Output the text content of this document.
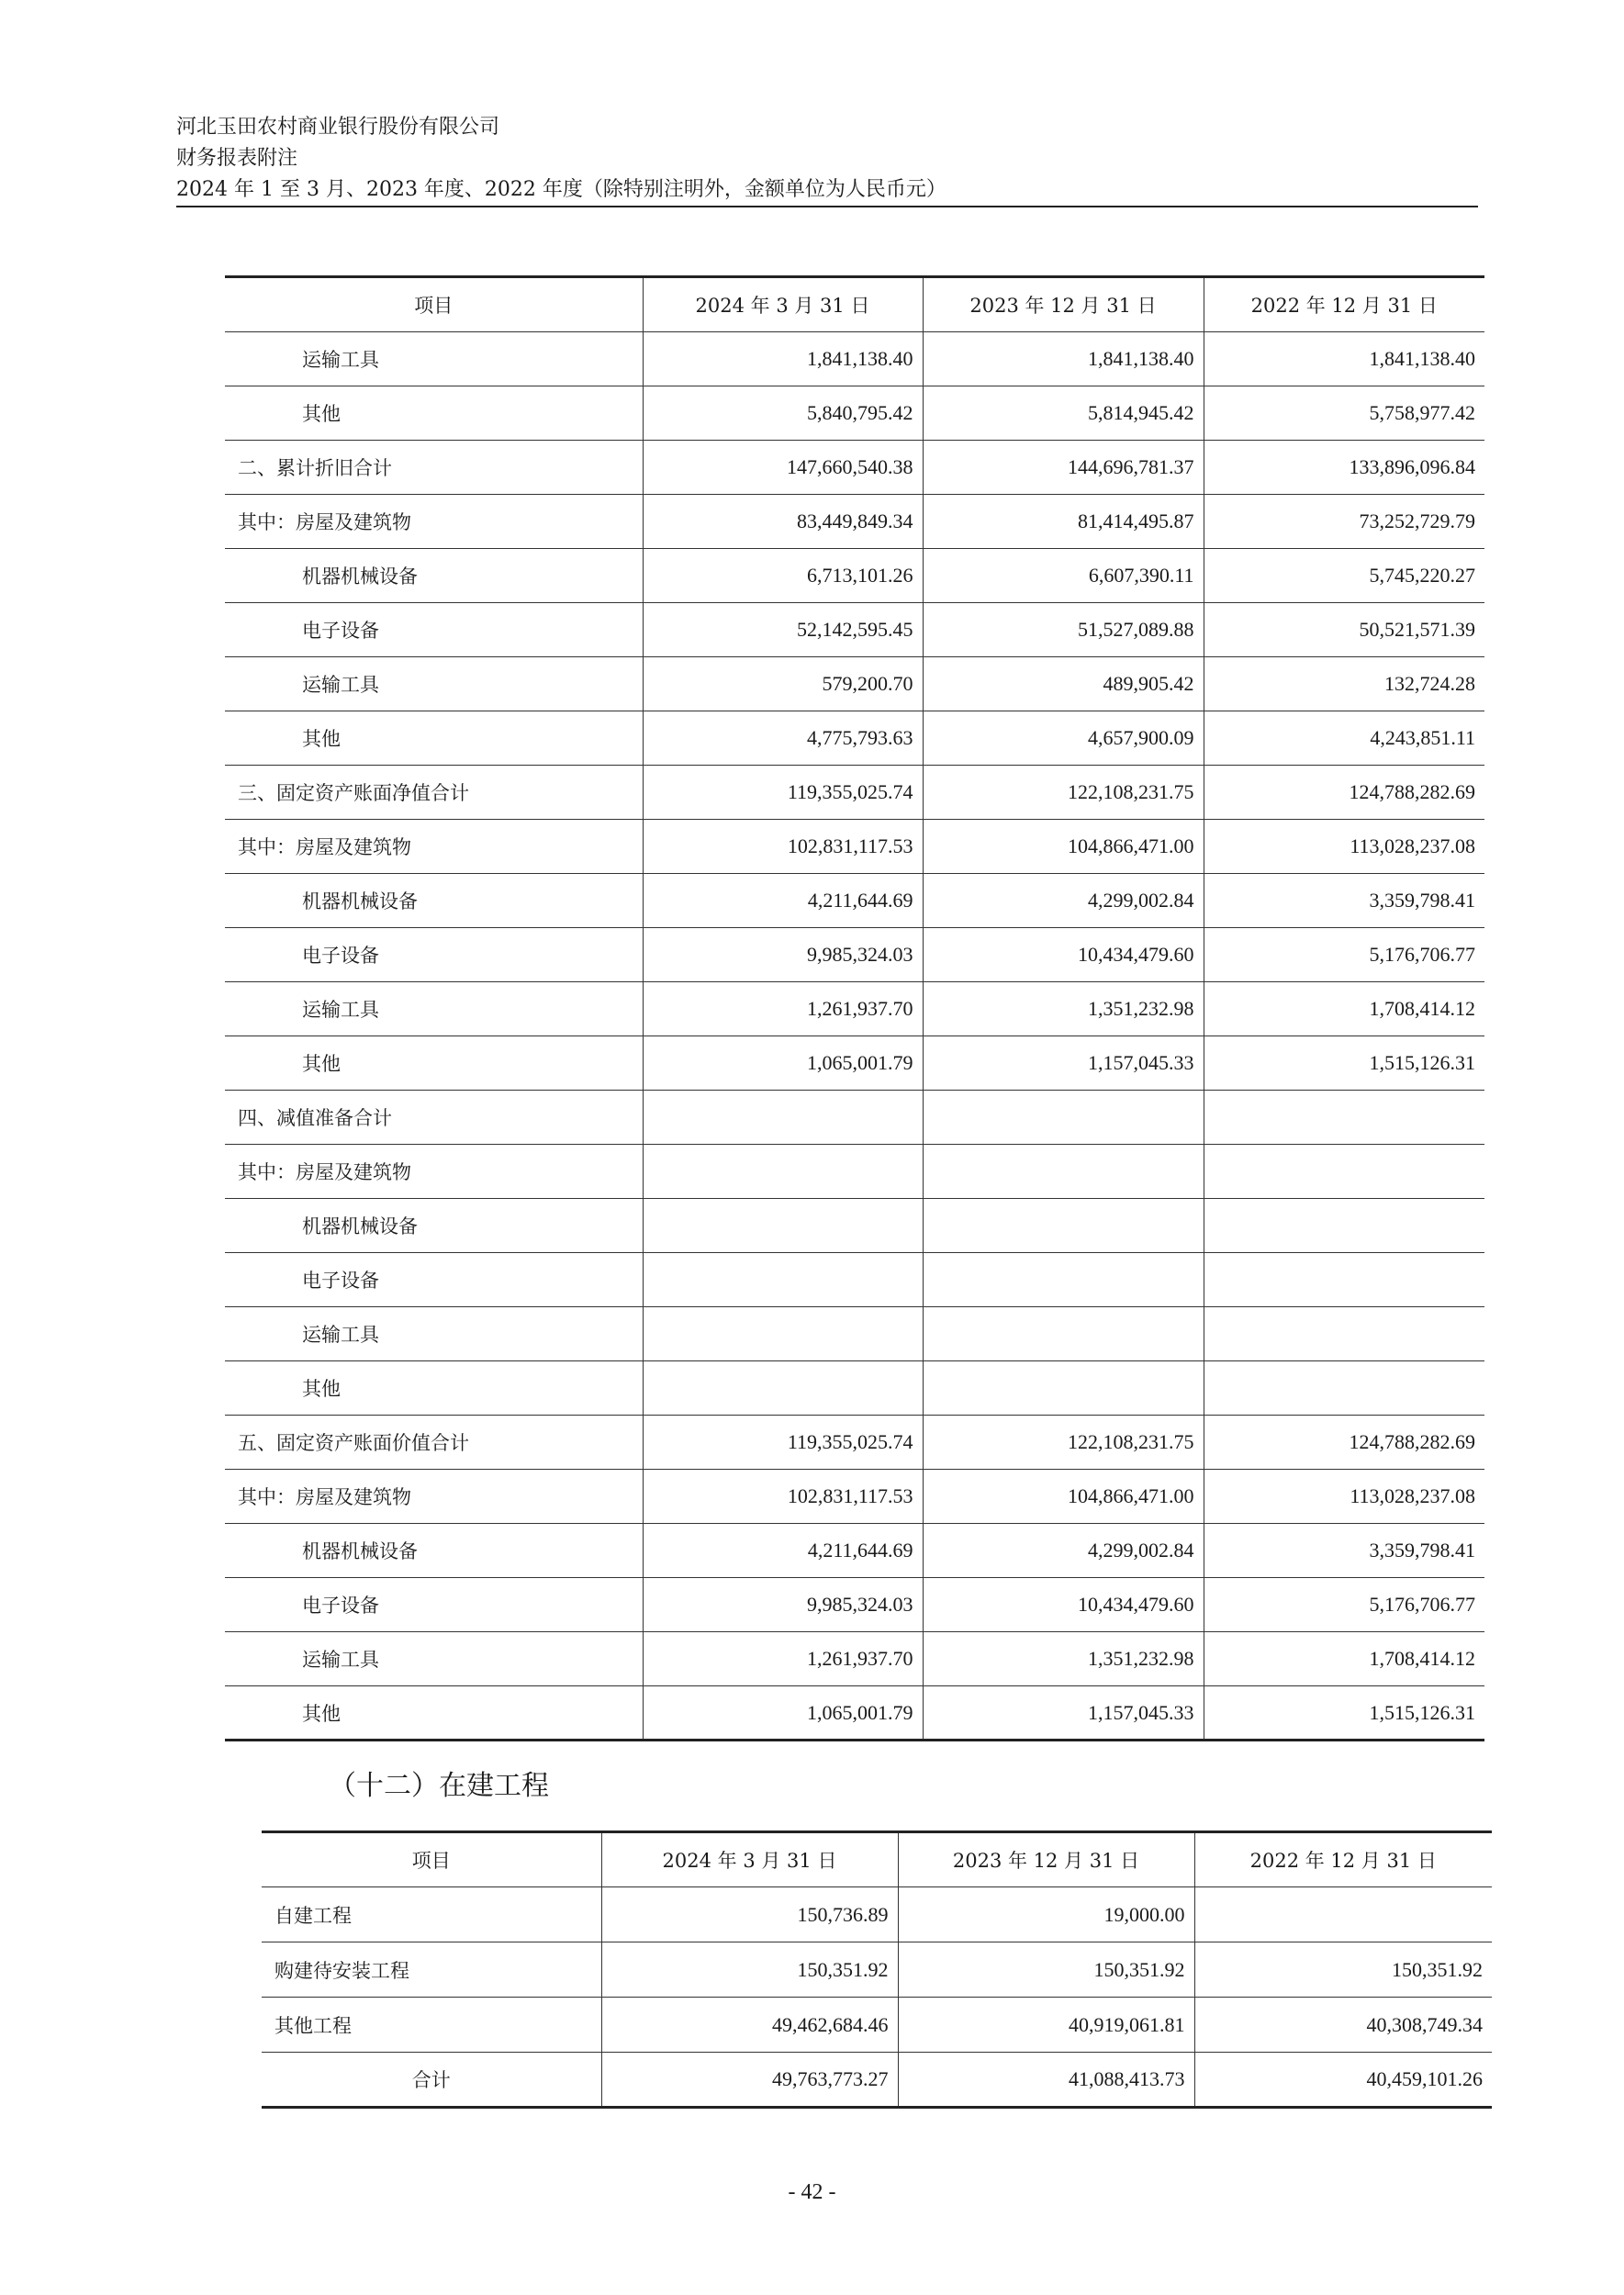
河北玉田农村商业银行股份有限公司
财务报表附注
2024 年 1 至 3 月、2023 年度、2022 年度（除特别注明外，金额单位为人民币元）
项目	2024 年 3 月 31 日	2023 年 12 月 31 日	2022 年 12 月 31 日
运输工具	1,841,138.40	1,841,138.40	1,841,138.40
其他	5,840,795.42	5,814,945.42	5,758,977.42
二、累计折旧合计	147,660,540.38	144,696,781.37	133,896,096.84
其中：房屋及建筑物	83,449,849.34	81,414,495.87	73,252,729.79
机器机械设备	6,713,101.26	6,607,390.11	5,745,220.27
电子设备	52,142,595.45	51,527,089.88	50,521,571.39
运输工具	579,200.70	489,905.42	132,724.28
其他	4,775,793.63	4,657,900.09	4,243,851.11
三、固定资产账面净值合计	119,355,025.74	122,108,231.75	124,788,282.69
其中：房屋及建筑物	102,831,117.53	104,866,471.00	113,028,237.08
机器机械设备	4,211,644.69	4,299,002.84	3,359,798.41
电子设备	9,985,324.03	10,434,479.60	5,176,706.77
运输工具	1,261,937.70	1,351,232.98	1,708,414.12
其他	1,065,001.79	1,157,045.33	1,515,126.31
四、减值准备合计			
其中：房屋及建筑物			
机器机械设备			
电子设备			
运输工具			
其他			
五、固定资产账面价值合计	119,355,025.74	122,108,231.75	124,788,282.69
其中：房屋及建筑物	102,831,117.53	104,866,471.00	113,028,237.08
机器机械设备	4,211,644.69	4,299,002.84	3,359,798.41
电子设备	9,985,324.03	10,434,479.60	5,176,706.77
运输工具	1,261,937.70	1,351,232.98	1,708,414.12
其他	1,065,001.79	1,157,045.33	1,515,126.31
（十二）在建工程
项目	2024 年 3 月 31 日	2023 年 12 月 31 日	2022 年 12 月 31 日
自建工程	150,736.89	19,000.00	
购建待安装工程	150,351.92	150,351.92	150,351.92
其他工程	49,462,684.46	40,919,061.81	40,308,749.34
合计	49,763,773.27	41,088,413.73	40,459,101.26
- 42 -
